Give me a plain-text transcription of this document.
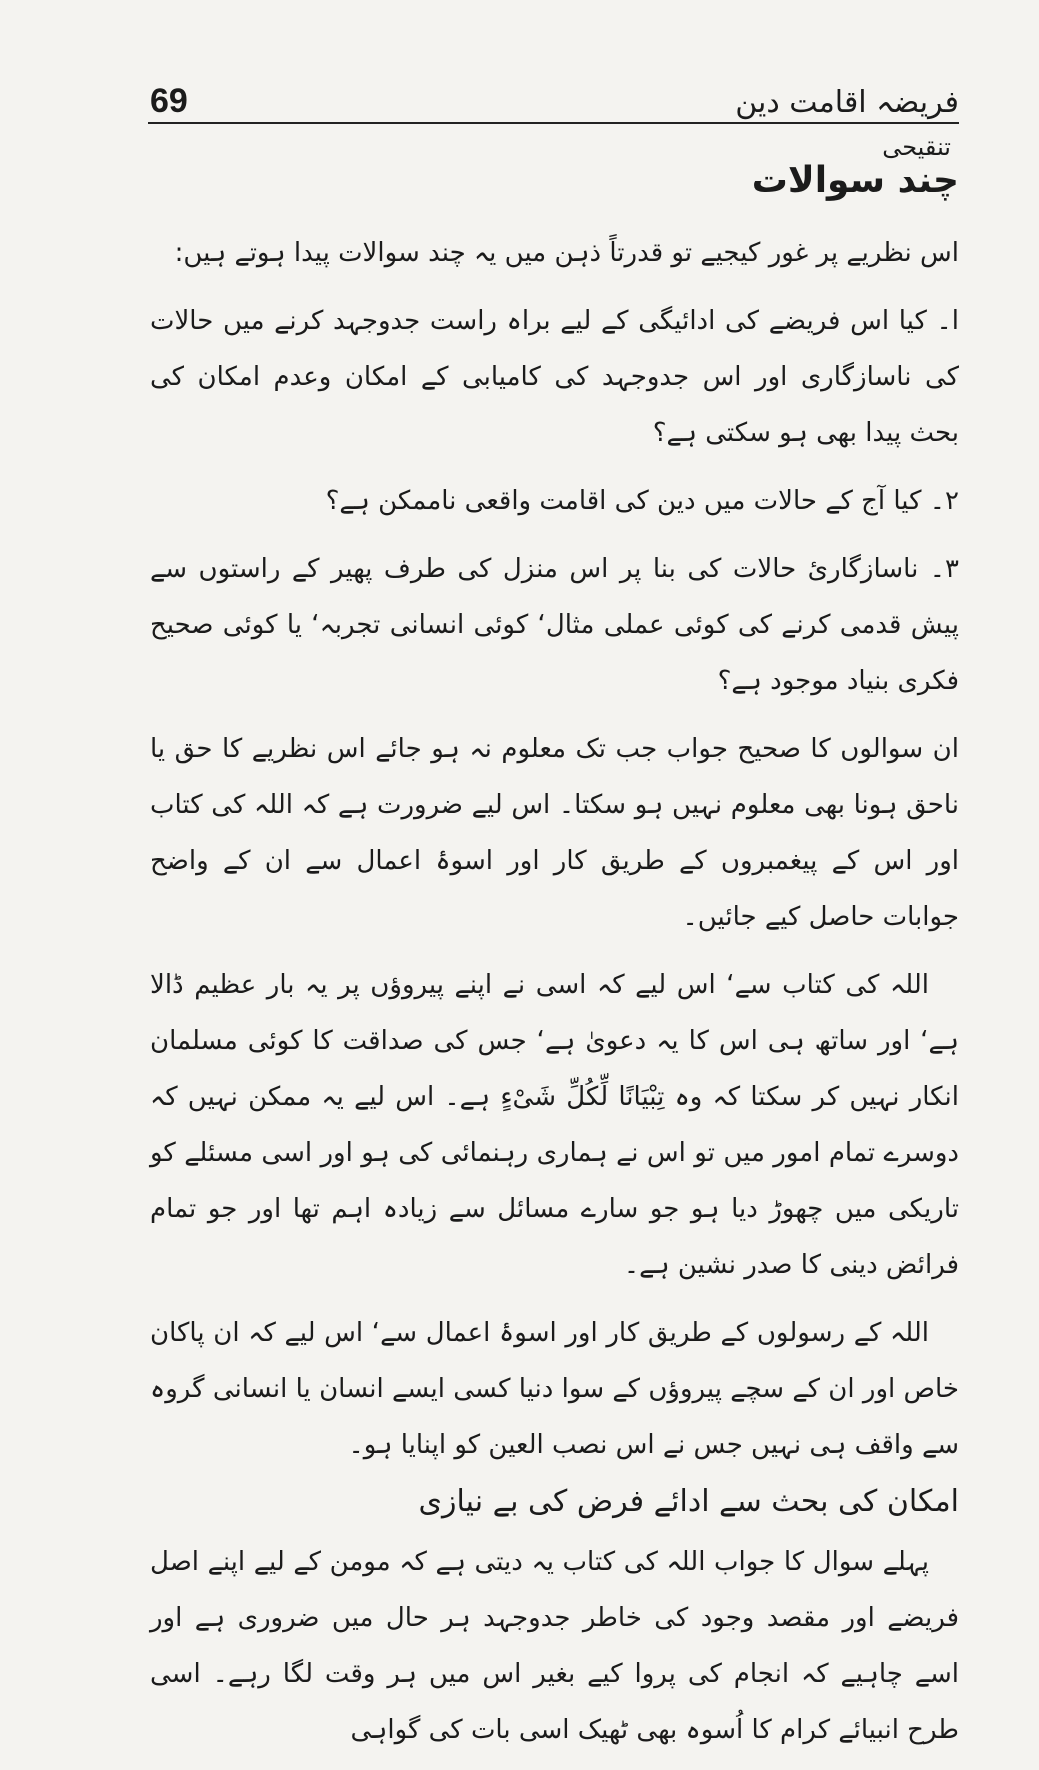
69	فریضہ اقامت دین
تنقیحی
چند سوالات

اس نظریے پر غور کیجیے تو قدرتاً ذہن میں یہ چند سوالات پیدا ہوتے ہیں:

ا۔ کیا اس فریضے کی ادائیگی کے لیے براہ راست جدوجہد کرنے میں حالات کی ناسازگاری اور اس جدوجہد کی کامیابی کے امکان وعدم امکان کی بحث پیدا بھی ہو سکتی ہے؟

۲۔ کیا آج کے حالات میں دین کی اقامت واقعی ناممکن ہے؟

۳۔ ناسازگاریٔ حالات کی بنا پر اس منزل کی طرف پھیر کے راستوں سے پیش قدمی کرنے کی کوئی عملی مثال‘ کوئی انسانی تجربہ‘ یا کوئی صحیح فکری بنیاد موجود ہے؟

ان سوالوں کا صحیح جواب جب تک معلوم نہ ہو جائے اس نظریے کا حق یا ناحق ہونا بھی معلوم نہیں ہو سکتا۔ اس لیے ضرورت ہے کہ اللہ کی کتاب اور اس کے پیغمبروں کے طریق کار اور اسوۂ اعمال سے ان کے واضح جوابات حاصل کیے جائیں۔

اللہ کی کتاب سے‘ اس لیے کہ اسی نے اپنے پیروؤں پر یہ بار عظیم ڈالا ہے‘ اور ساتھ ہی اس کا یہ دعویٰ ہے‘ جس کی صداقت کا کوئی مسلمان انکار نہیں کر سکتا کہ وہ تِبْیَانًا لِّکُلِّ شَیْءٍ ہے۔ اس لیے یہ ممکن نہیں کہ دوسرے تمام امور میں تو اس نے ہماری رہنمائی کی ہو اور اسی مسئلے کو تاریکی میں چھوڑ دیا ہو جو سارے مسائل سے زیادہ اہم تھا اور جو تمام فرائض دینی کا صدر نشین ہے۔

اللہ کے رسولوں کے طریق کار اور اسوۂ اعمال سے‘ اس لیے کہ ان پاکان خاص اور ان کے سچے پیروؤں کے سوا دنیا کسی ایسے انسان یا انسانی گروہ سے واقف ہی نہیں جس نے اس نصب العین کو اپنایا ہو۔

امکان کی بحث سے ادائے فرض کی بے نیازی

پہلے سوال کا جواب اللہ کی کتاب یہ دیتی ہے کہ مومن کے لیے اپنے اصل فریضے اور مقصد وجود کی خاطر جدوجہد ہر حال میں ضروری ہے اور اسے چاہیے کہ انجام کی پروا کیے بغیر اس میں ہر وقت لگا رہے۔ اسی طرح انبیائے کرام کا اُسوہ بھی ٹھیک اسی بات کی گواہی
